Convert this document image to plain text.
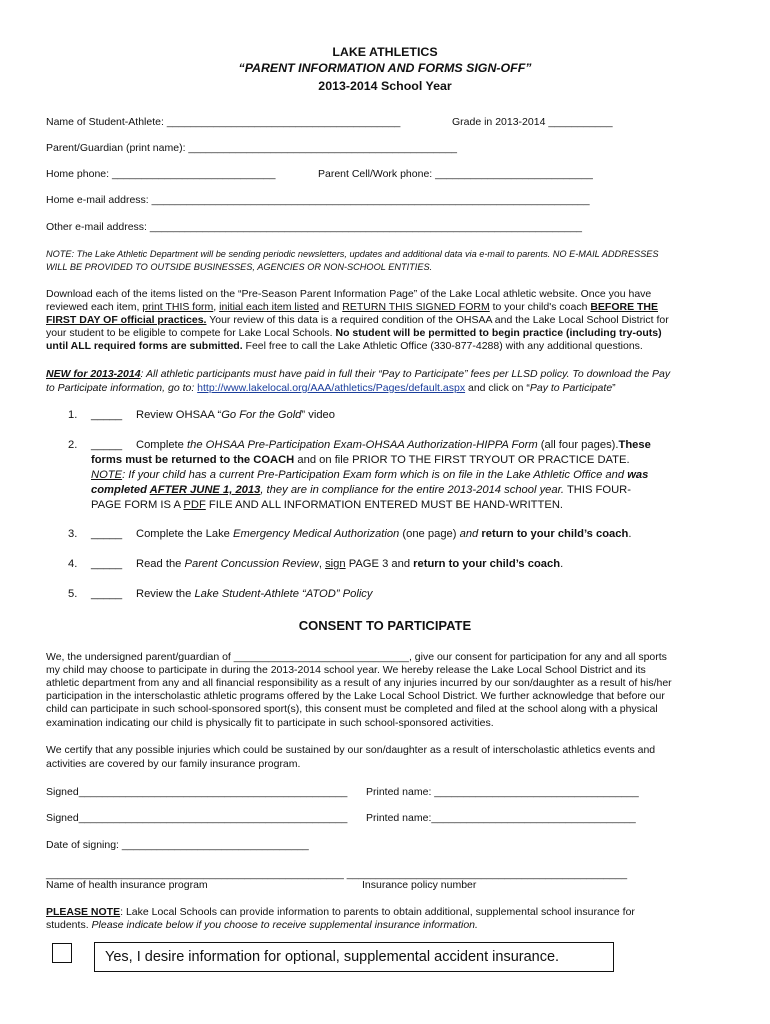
LAKE ATHLETICS
“PARENT INFORMATION AND FORMS SIGN-OFF”
2013-2014 School Year
Name of Student-Athlete: ________________________________________	Grade in 2013-2014 ___________
Parent/Guardian (print name): ______________________________________________
Home phone: ____________________________	Parent Cell/Work phone: ___________________________
Home e-mail address: ___________________________________________________________________________
Other e-mail address: __________________________________________________________________________
NOTE: The Lake Athletic Department will be sending periodic newsletters, updates and additional data via e-mail to parents. NO E-MAIL ADDRESSES
WILL BE PROVIDED TO OUTSIDE BUSINESSES, AGENCIES OR NON-SCHOOL ENTITIES.
Download each of the items listed on the “Pre-Season Parent Information Page” of the Lake Local athletic website. Once you have
reviewed each item, print THIS form, initial each item listed and RETURN THIS SIGNED FORM to your child's coach BEFORE THE
FIRST DAY OF official practices. Your review of this data is a required condition of the OHSAA and the Lake Local School District for
your student to be eligible to compete for Lake Local Schools. No student will be permitted to begin practice (including try-outs)
until ALL required forms are submitted. Feel free to call the Lake Athletic Office (330-877-4288) with any additional questions.
NEW for 2013-2014: All athletic participants must have paid in full their “Pay to Participate” fees per LLSD policy. To download the Pay
to Participate information, go to: http://www.lakelocal.org/AAA/athletics/Pages/default.aspx and click on “Pay to Participate”
1. _____ Review OHSAA “Go For the Gold” video
2. _____ Complete the OHSAA Pre-Participation Exam-OHSAA Authorization-HIPPA Form (all four pages).These
forms must be returned to the COACH and on file PRIOR TO THE FIRST TRYOUT OR PRACTICE DATE.
NOTE: If your child has a current Pre-Participation Exam form which is on file in the Lake Athletic Office and was
completed AFTER JUNE 1, 2013, they are in compliance for the entire 2013-2014 school year. THIS FOUR-
PAGE FORM IS A PDF FILE AND ALL INFORMATION ENTERED MUST BE HAND-WRITTEN.
3. _____ Complete the Lake Emergency Medical Authorization (one page) and return to your child’s coach.
4. _____ Read the Parent Concussion Review, sign PAGE 3 and return to your child’s coach.
5. _____ Review the Lake Student-Athlete “ATOD” Policy
CONSENT TO PARTICIPATE
We, the undersigned parent/guardian of ______________________________, give our consent for participation for any and all sports
my child may choose to participate in during the 2013-2014 school year. We hereby release the Lake Local School District and its
athletic department from any and all financial responsibility as a result of any injuries incurred by our son/daughter as a result of his/her
participation in the interscholastic athletic programs offered by the Lake Local School District. We further acknowledge that before our
child can participate in such school-sponsored sport(s), this consent must be completed and filed at the school along with a physical
examination indicating our child is physically fit to participate in such school-sponsored activities.
We certify that any possible injuries which could be sustained by our son/daughter as a result of interscholastic athletics events and
activities are covered by our family insurance program.
Signed______________________________________________ Printed name: ___________________________________
Signed______________________________________________ Printed name:___________________________________
Date of signing: ________________________________
___________________________________________________ ________________________________________________
Name of health insurance program	Insurance policy number
PLEASE NOTE: Lake Local Schools can provide information to parents to obtain additional, supplemental school insurance for
students. Please indicate below if you choose to receive supplemental insurance information.
Yes, I desire information for optional, supplemental accident insurance.
